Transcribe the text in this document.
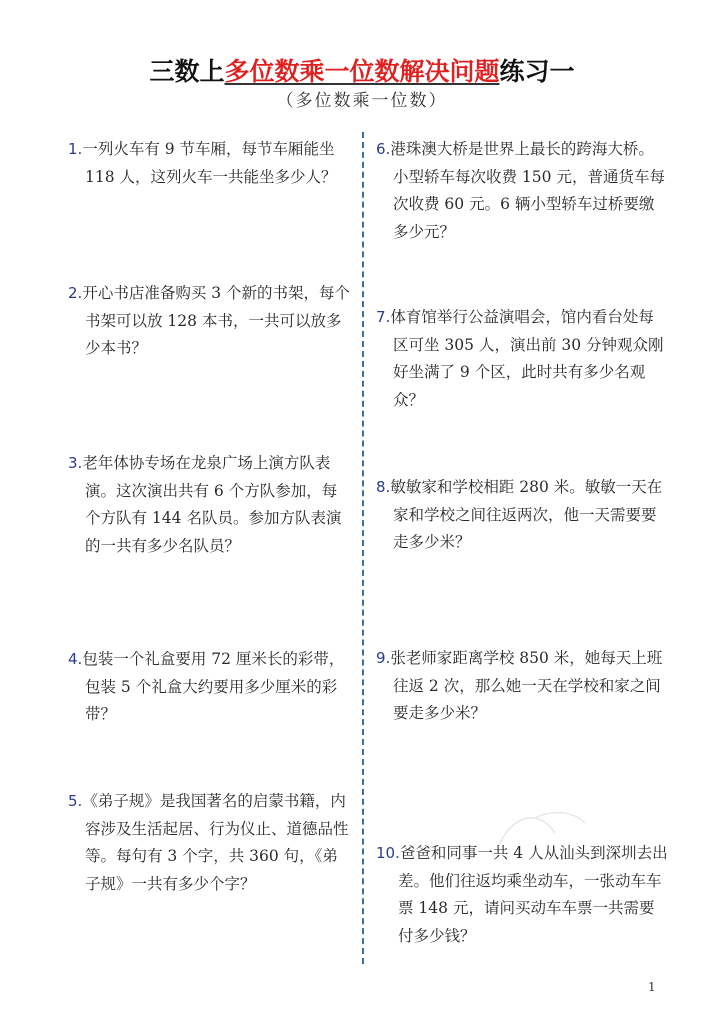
三数上多位数乘一位数解决问题练习一
（多位数乘一位数）

1.一列火车有 9 节车厢，每节车厢能坐 118 人，这列火车一共能坐多少人？

2.开心书店准备购买 3 个新的书架，每个书架可以放 128 本书，一共可以放多少本书？

3.老年体协专场在龙泉广场上演方队表演。这次演出共有 6 个方队参加，每个方队有 144 名队员。参加方队表演的一共有多少名队员？

4.包装一个礼盒要用 72 厘米长的彩带，包装 5 个礼盒大约要用多少厘米的彩带？

5.《弟子规》是我国著名的启蒙书籍，内容涉及生活起居、行为仪止、道德品性等。每句有 3 个字，共 360 句，《弟子规》一共有多少个字？

6.港珠澳大桥是世界上最长的跨海大桥。小型轿车每次收费 150 元，普通货车每次收费 60 元。6 辆小型轿车过桥要缴多少元？

7.体育馆举行公益演唱会，馆内看台处每区可坐 305 人，演出前 30 分钟观众刚好坐满了 9 个区，此时共有多少名观众？

8.敏敏家和学校相距 280 米。敏敏一天在家和学校之间往返两次，他一天需要要走多少米？

9.张老师家距离学校 850 米，她每天上班往返 2 次，那么她一天在学校和家之间要走多少米？

10.爸爸和同事一共 4 人从汕头到深圳去出差。他们往返均乘坐动车，一张动车车票 148 元，请问买动车车票一共需要付多少钱？

1
